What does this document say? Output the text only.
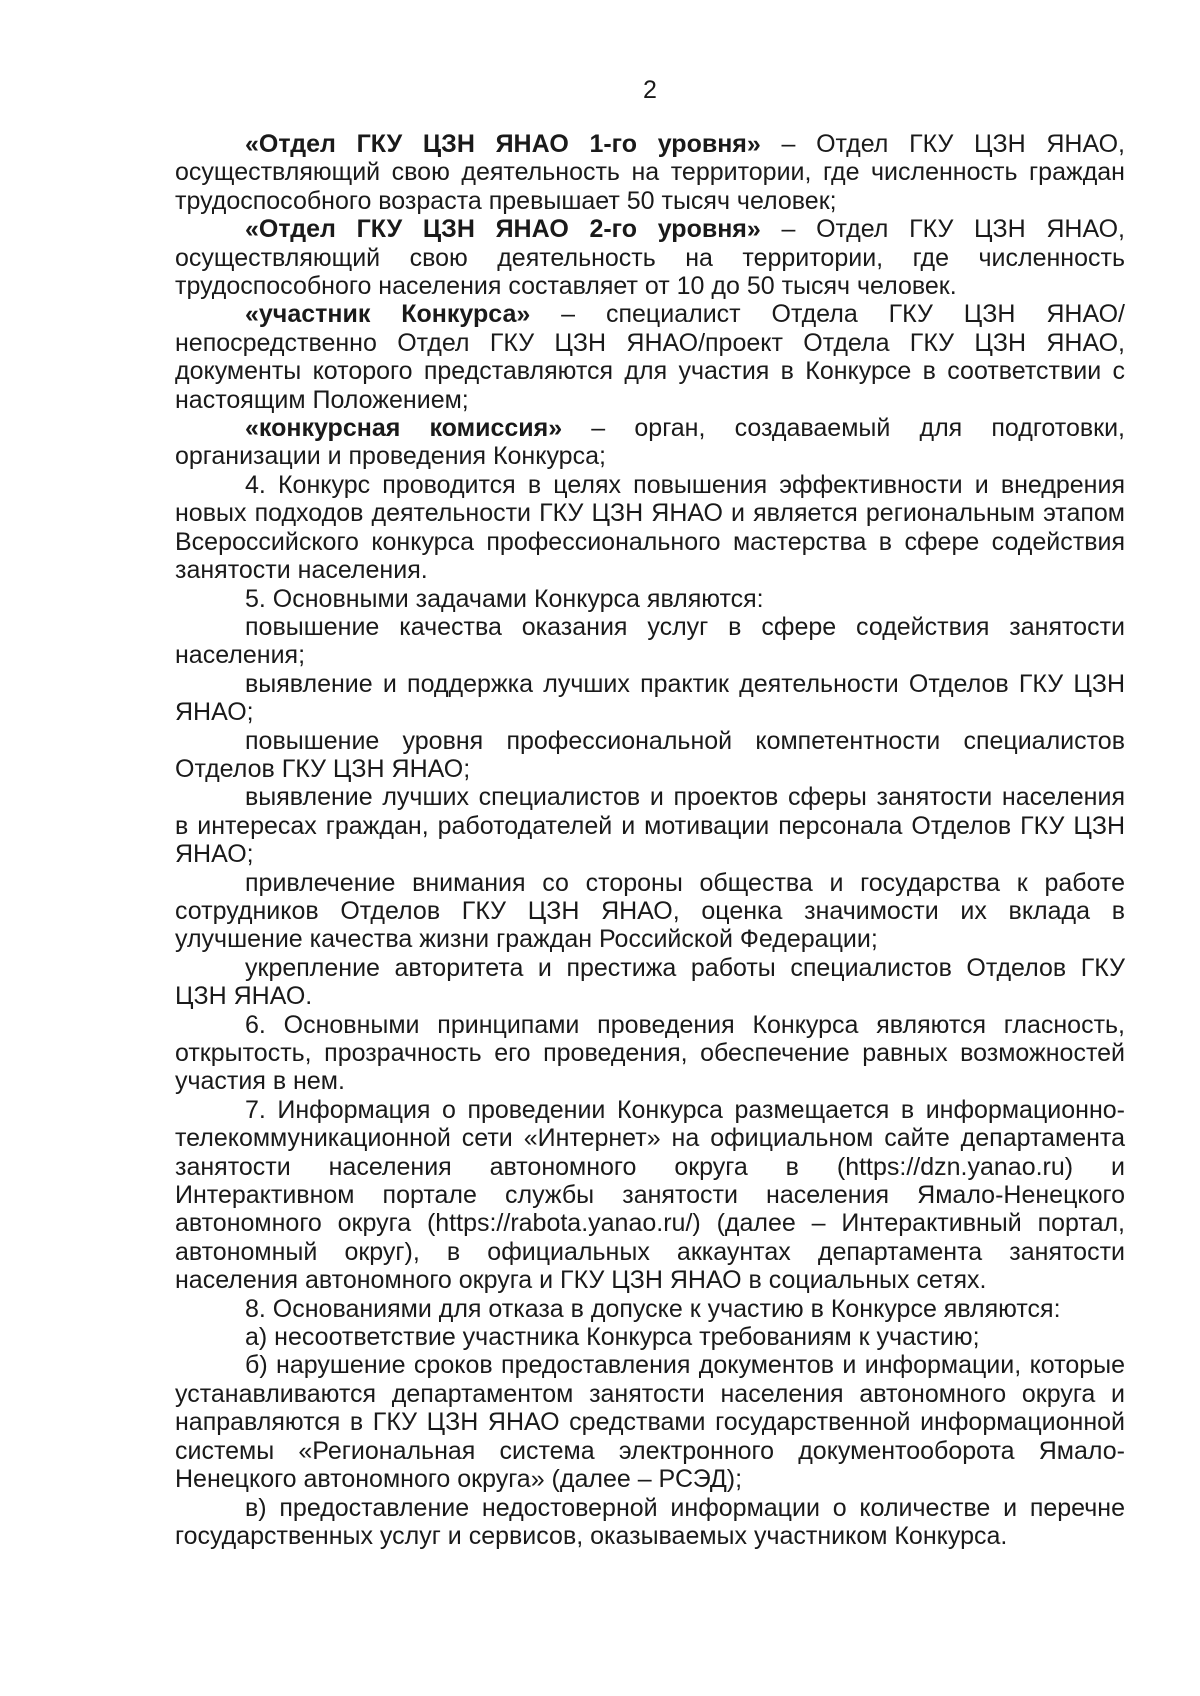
2

«Отдел ГКУ ЦЗН ЯНАО 1-го уровня» – Отдел ГКУ ЦЗН ЯНАО, осуществляющий свою деятельность на территории, где численность граждан трудоспособного возраста превышает 50 тысяч человек;

«Отдел ГКУ ЦЗН ЯНАО 2-го уровня» – Отдел ГКУ ЦЗН ЯНАО, осуществляющий свою деятельность на территории, где численность трудоспособного населения составляет от 10 до 50 тысяч человек.

«участник Конкурса» – специалист Отдела ГКУ ЦЗН ЯНАО/непосредственно Отдел ГКУ ЦЗН ЯНАО/проект Отдела ГКУ ЦЗН ЯНАО, документы которого представляются для участия в Конкурсе в соответствии с настоящим Положением;

«конкурсная комиссия» – орган, создаваемый для подготовки, организации и проведения Конкурса;

4. Конкурс проводится в целях повышения эффективности и внедрения новых подходов деятельности ГКУ ЦЗН ЯНАО и является региональным этапом Всероссийского конкурса профессионального мастерства в сфере содействия занятости населения.

5. Основными задачами Конкурса являются:

повышение качества оказания услуг в сфере содействия занятости населения;

выявление и поддержка лучших практик деятельности Отделов ГКУ ЦЗН ЯНАО;

повышение уровня профессиональной компетентности специалистов Отделов ГКУ ЦЗН ЯНАО;

выявление лучших специалистов и проектов сферы занятости населения в интересах граждан, работодателей и мотивации персонала Отделов ГКУ ЦЗН ЯНАО;

привлечение внимания со стороны общества и государства к работе сотрудников Отделов ГКУ ЦЗН ЯНАО, оценка значимости их вклада в улучшение качества жизни граждан Российской Федерации;

укрепление авторитета и престижа работы специалистов Отделов ГКУ ЦЗН ЯНАО.

6. Основными принципами проведения Конкурса являются гласность, открытость, прозрачность его проведения, обеспечение равных возможностей участия в нем.

7. Информация о проведении Конкурса размещается в информационно-телекоммуникационной сети «Интернет» на официальном сайте департамента занятости населения автономного округа в (https://dzn.yanao.ru) и Интерактивном портале службы занятости населения Ямало-Ненецкого автономного округа (https://rabota.yanao.ru/) (далее – Интерактивный портал, автономный округ), в официальных аккаунтах департамента занятости населения автономного округа и ГКУ ЦЗН ЯНАО в социальных сетях.

8. Основаниями для отказа в допуске к участию в Конкурсе являются:

а) несоответствие участника Конкурса требованиям к участию;

б) нарушение сроков предоставления документов и информации, которые устанавливаются департаментом занятости населения автономного округа и направляются в ГКУ ЦЗН ЯНАО средствами государственной информационной системы «Региональная система электронного документооборота Ямало-Ненецкого автономного округа» (далее – РСЭД);

в) предоставление недостоверной информации о количестве и перечне государственных услуг и сервисов, оказываемых участником Конкурса.
